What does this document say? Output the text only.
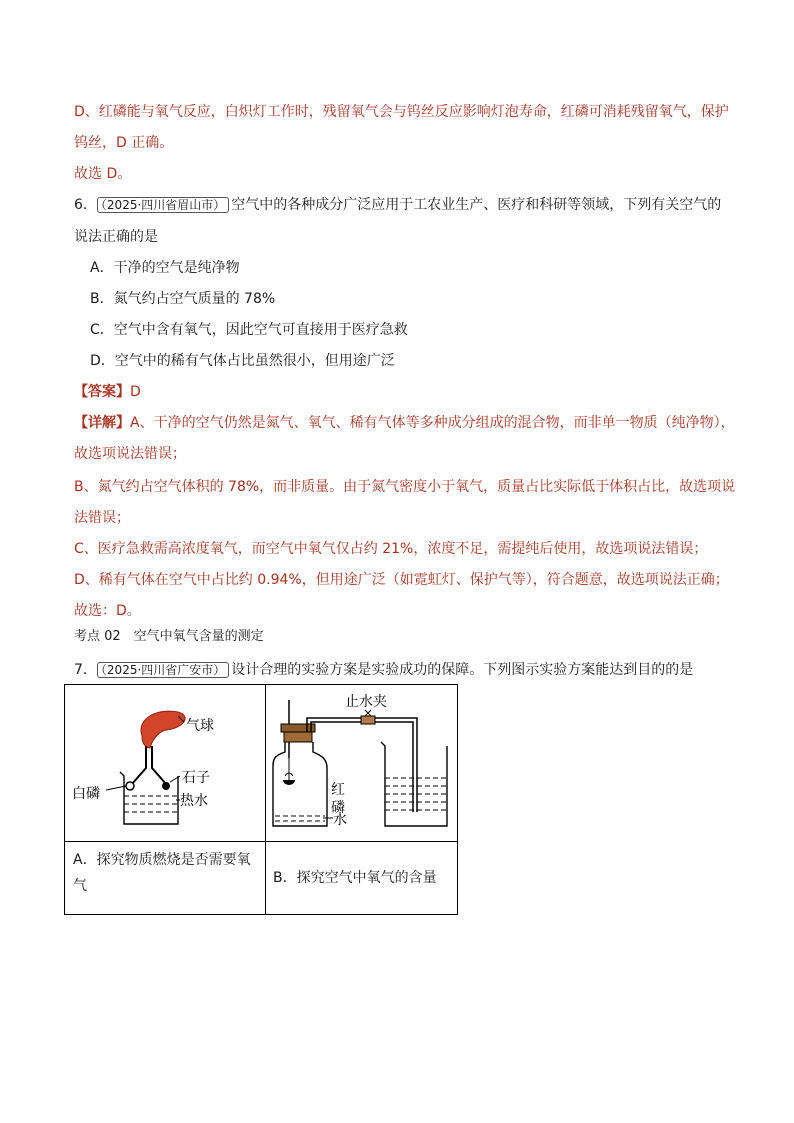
D、红磷能与氧气反应，白炽灯工作时，残留氧气会与钨丝反应影响灯泡寿命，红磷可消耗残留氧气，保护
钨丝，D 正确。
故选 D。
6． （2025·四川省眉山市） 空气中的各种成分广泛应用于工农业生产、医疗和科研等领域，下列有关空气的
说法正确的是
A．干净的空气是纯净物
B．氮气约占空气质量的 78%
C．空气中含有氧气，因此空气可直接用于医疗急救
D．空气中的稀有气体占比虽然很小，但用途广泛
【答案】D
【详解】A、干净的空气仍然是氮气、氧气、稀有气体等多种成分组成的混合物，而非单一物质（纯净物），
故选项说法错误；
B、氮气约占空气体积的 78%，而非质量。由于氮气密度小于氧气，质量占比实际低于体积占比，故选项说
法错误；
C、医疗急救需高浓度氧气，而空气中氧气仅占约 21%，浓度不足，需提纯后使用，故选项说法错误；
D、稀有气体在空气中占比约 0.94%，但用途广泛（如霓虹灯、保护气等），符合题意，故选项说法正确；
故选：D。
考点 02　空气中氧气含量的测定
7． （2025·四川省广安市） 设计合理的实验方案是实验成功的保障。下列图示实验方案能达到目的的是
气球
石子
白磷	热水
红
磷
水
止水夹
A．探究物质燃烧是否需要氧
气	B．探究空气中氧气的含量
